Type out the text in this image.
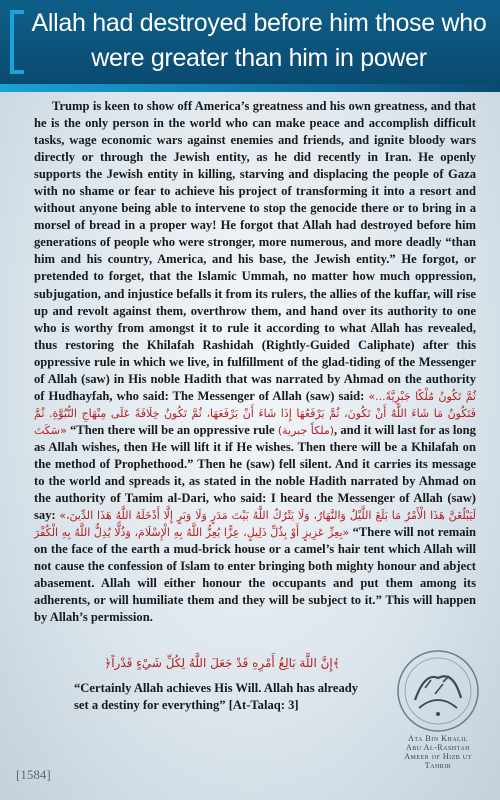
Allah had destroyed before him those who were greater than him in power

Trump is keen to show off America’s greatness and his own greatness, and that he is the only person in the world who can make peace and accomplish difficult tasks, wage economic wars against enemies and friends, and ignite bloody wars directly or through the Jewish entity, as he did recently in Iran. He openly supports the Jewish entity in killing, starving and displacing the people of Gaza with no shame or fear to achieve his project of transforming it into a resort and without anyone being able to intervene to stop the genocide there or to bring in a morsel of bread in a proper way! He forgot that Allah had destroyed before him generations of people who were stronger, more numerous, and more deadly “than him and his country, America, and his base, the Jewish entity.” He forgot, or pretended to forget, that the Islamic Ummah, no matter how much oppression, subjugation, and injustice befalls it from its rulers, the allies of the kuffar, will rise up and revolt against them, overthrow them, and hand over its authority to one who is worthy from amongst it to rule it according to what Allah has revealed, thus restoring the Khilafah Rashidah (Rightly-Guided Caliphate) after this oppressive rule in which we live, in fulfillment of the glad-tiding of the Messenger of Allah (saw) in His noble Hadith that was narrated by Ahmad on the authority of Hudhayfah, who said: The Messenger of Allah (saw) said: «...ثُمَّ تَكُونُ مُلْكًا جَبْرِيَّةً فَتَكُونُ مَا شَاءَ اللَّهُ أَنْ تَكُونَ، ثُمَّ يَرْفَعُهَا إِذَا شَاءَ أَنْ يَرْفَعَهَا، ثُمَّ تَكُونُ خِلَافَةً عَلَى مِنْهَاجِ النُّبُوَّةِ. ثُمَّ سَكَتَ» “Then there will be an oppressive rule (ملكاً جبرية), and it will last for as long as Allah wishes, then He will lift it if He wishes. Then there will be a Khilafah on the method of Prophethood.” Then he (saw) fell silent. And it carries its message to the world and spreads it, as stated in the noble Hadith narrated by Ahmad on the authority of Tamim al-Dari, who said: I heard the Messenger of Allah (saw) say: «لَيَبْلُغَنَّ هَذَا الْأَمْرُ مَا بَلَغَ اللَّيْلُ وَالنَّهَارُ، وَلَا يَتْرُكُ اللَّهُ بَيْتَ مَدَرٍ وَلَا وَبَرٍ إِلَّا أَدْخَلَهُ اللَّهُ هَذَا الدِّينَ، بِعِزِّ عَزِيزٍ أَوْ بِذُلِّ ذَلِيلٍ، عِزًّا يُعِزُّ اللَّهُ بِهِ الْإِسْلَامَ، وَذُلًّا يُذِلُّ اللَّهُ بِهِ الْكُفْرَ» “There will not remain on the face of the earth a mud-brick house or a camel’s hair tent which Allah will not cause the confession of Islam to enter bringing both mighty honour and abject abasement. Allah will either honour the occupants and put them among its adherents, or will humiliate them and they will be subject to it.” This will happen by Allah’s permission.

﴿إِنَّ اللَّهَ بَالِغُ أَمْرِهِ قَدْ جَعَلَ اللَّهُ لِكُلِّ شَيْءٍ قَدْراً﴾
“Certainly Allah achieves His Will. Allah has already set a destiny for everything” [At-Talaq: 3]
Ata Bin Khalil
Abu Al-Rashtah
Ameer of Hizb ut Tahrir
[1584]
